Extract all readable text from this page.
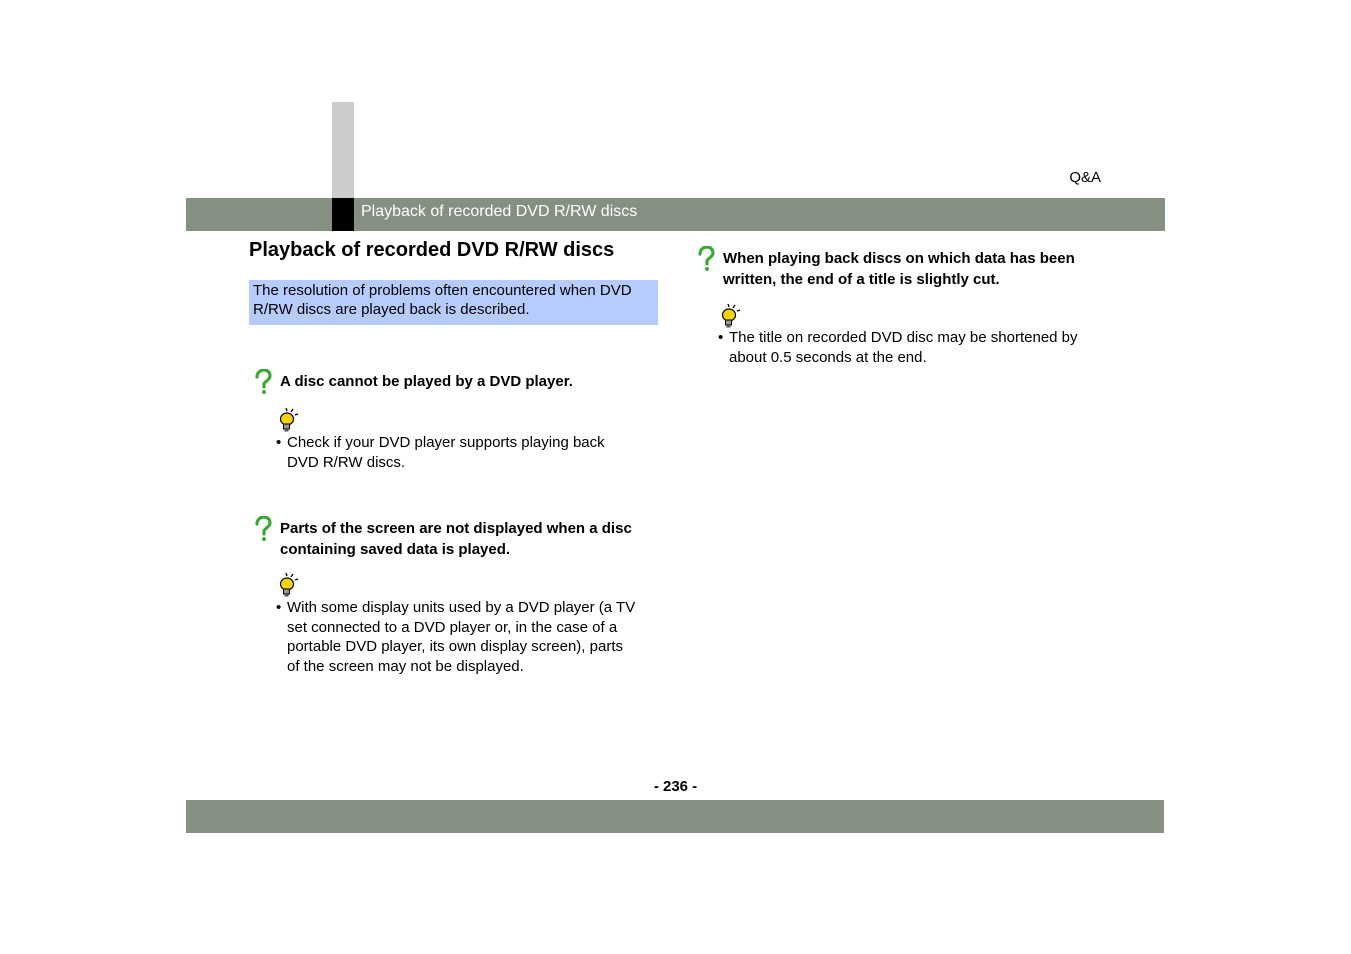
Playback of recorded DVD R/RW discs
Q&A
Playback of recorded DVD R/RW discs
The resolution of problems often encountered when DVD R/RW discs are played back is described.
A disc cannot be played by a DVD player.
• Check if your DVD player supports playing back
DVD R/RW discs.
Parts of the screen are not displayed when a disc
containing saved data is played.
• With some display units used by a DVD player (a TV
set connected to a DVD player or, in the case of a
portable DVD player, its own display screen), parts
of the screen may not be displayed.
When playing back discs on which data has been
written, the end of a title is slightly cut.
• The title on recorded DVD disc may be shortened by
about 0.5 seconds at the end.
- 236 -
